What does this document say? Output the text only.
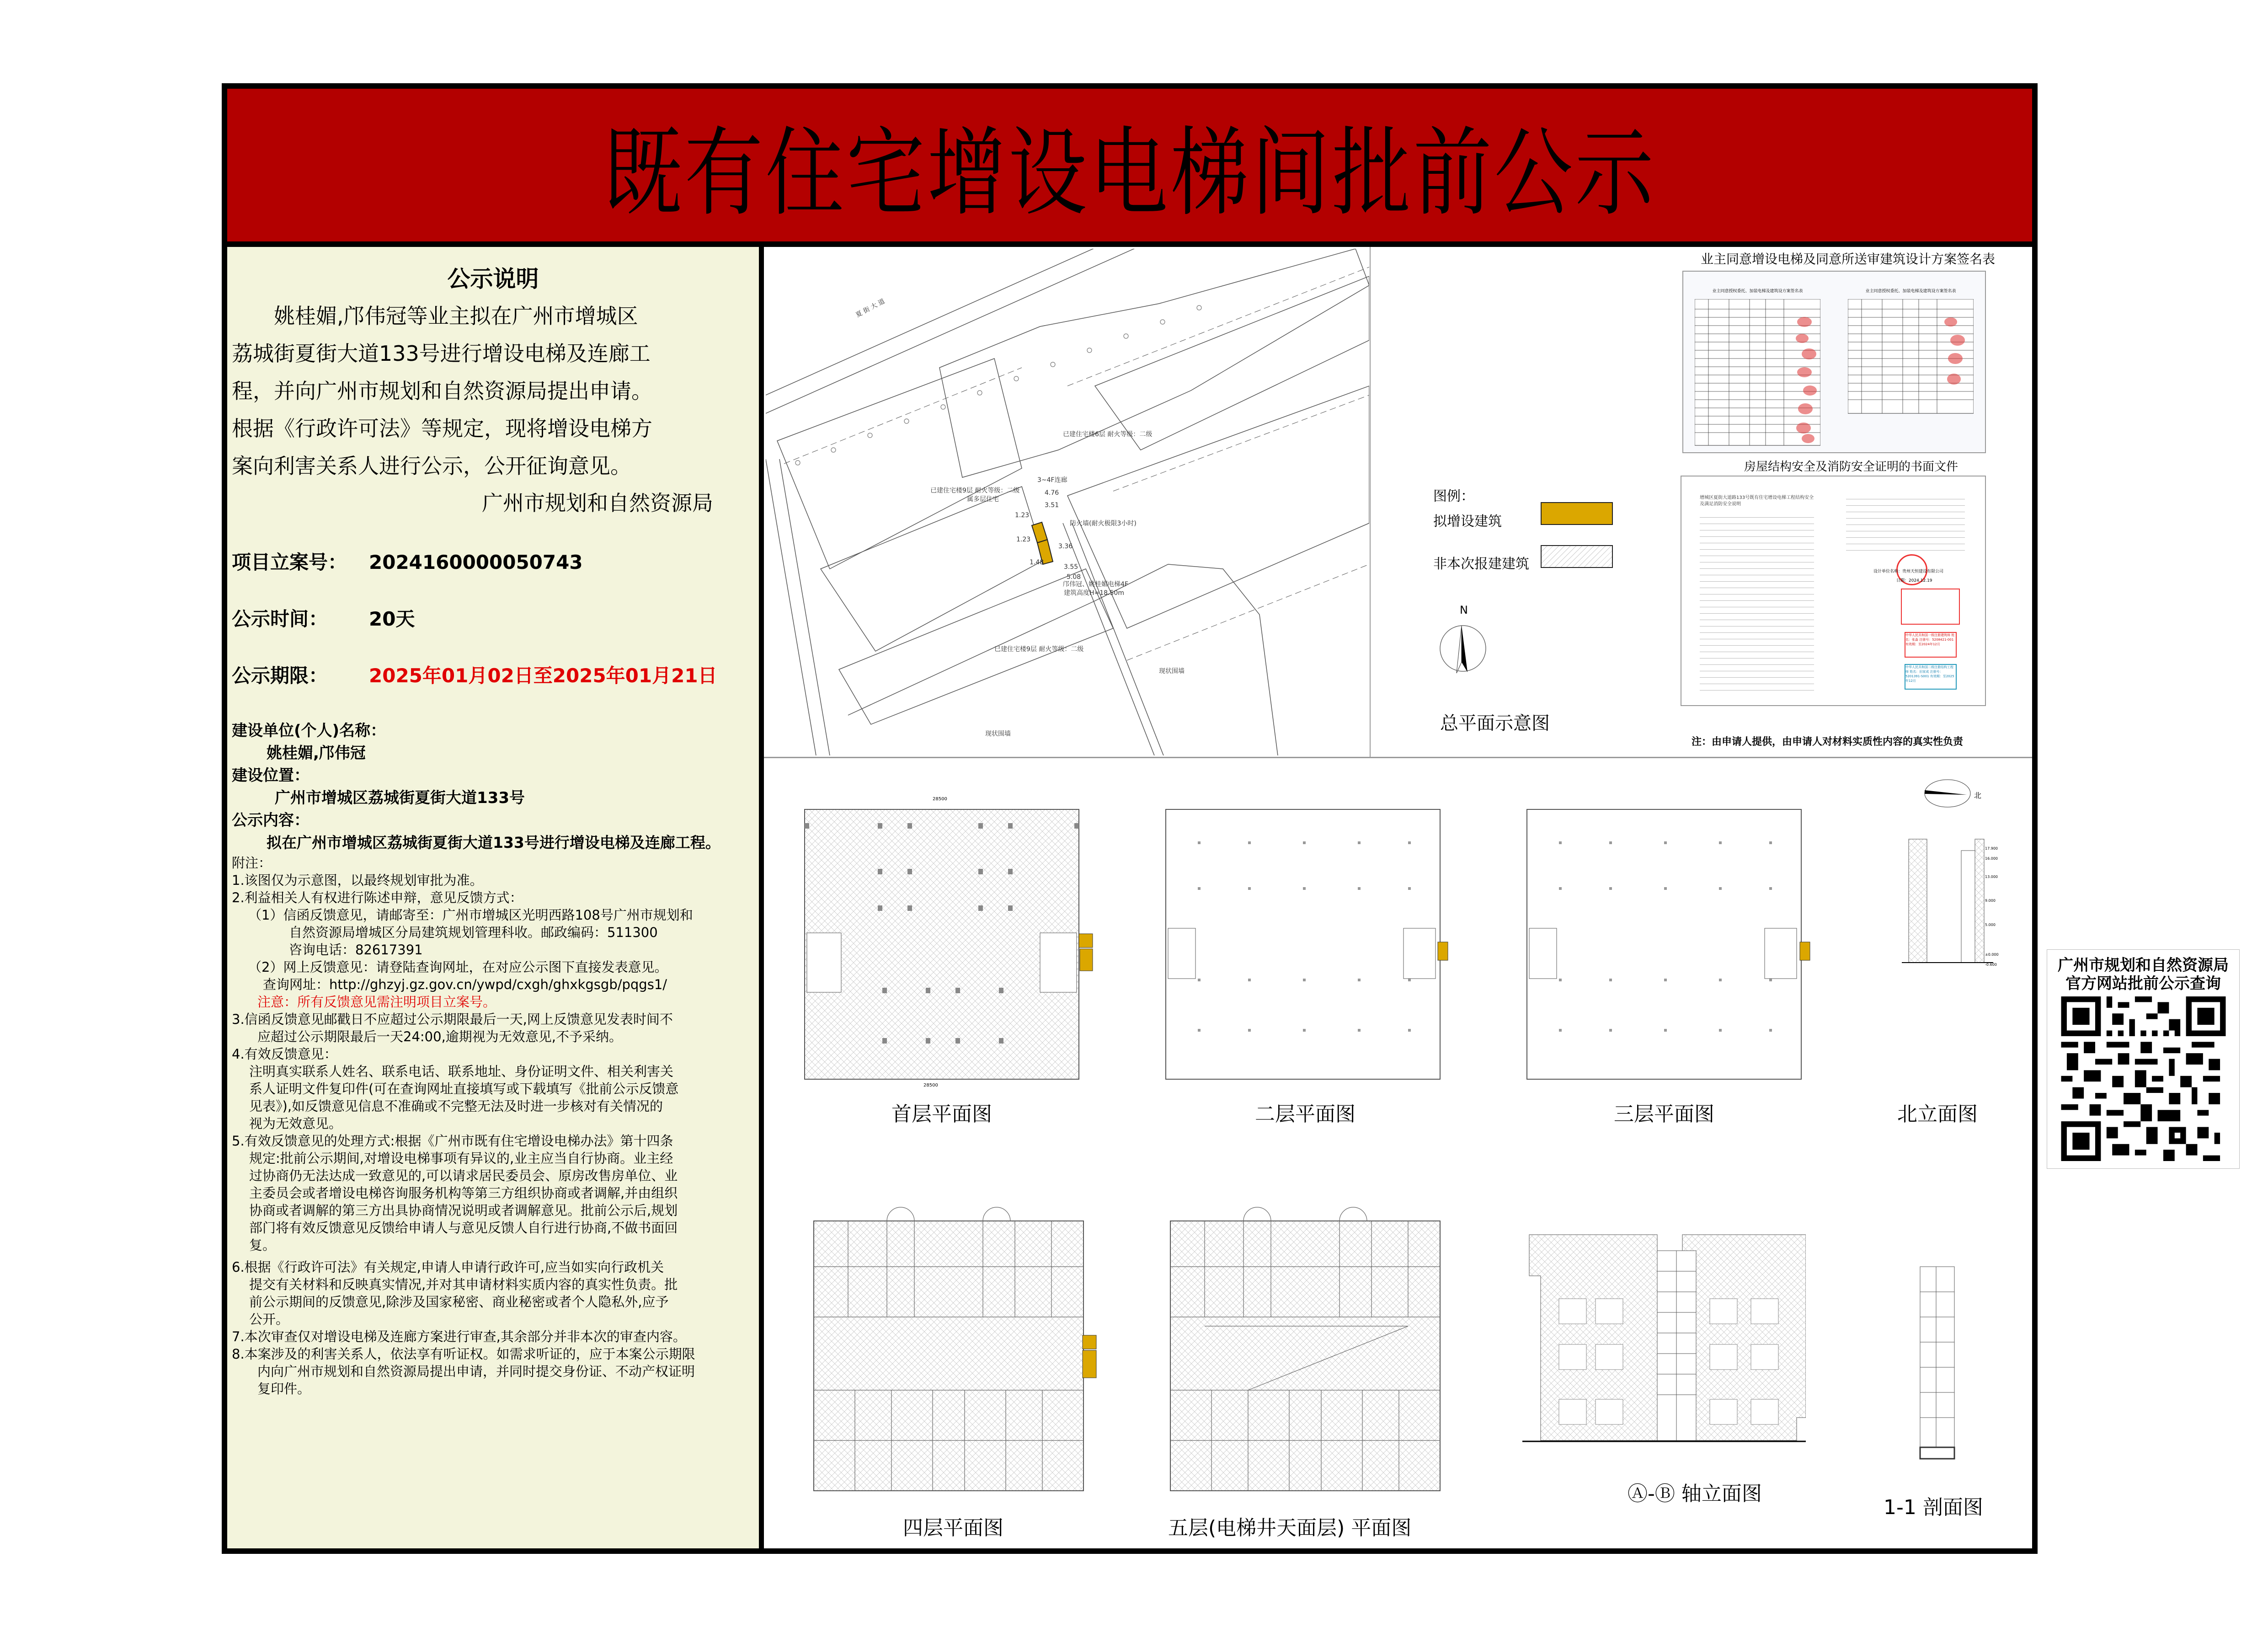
既有住宅增设电梯间批前公示
公示说明

姚桂媚,邝伟冠等业主拟在广州市增城区
荔城街夏街大道133号进行增设电梯及连廊工
程，并向广州市规划和自然资源局提出申请。
根据《行政许可法》等规定，现将增设电梯方
案向利害关系人进行公示，公开征询意见。

广州市规划和自然资源局
项目立案号：	2024160000050743
公示时间：	20天
公示期限：	2025年01月02日至2025年01月21日

建设单位(个人)名称：

姚桂媚,邝伟冠

建设位置：

广州市增城区荔城街夏街大道133号

公示内容：

拟在广州市增城区荔城街夏街大道133号进行增设电梯及连廊工程。

附注：

1.该图仅为示意图，以最终规划审批为准。

2.利益相关人有权进行陈述申辩，意见反馈方式：

（1）信函反馈意见，请邮寄至：广州市增城区光明西路108号广州市规划和

自然资源局增城区分局建筑规划管理科收。邮政编码：511300

咨询电话：82617391

（2）网上反馈意见：请登陆查询网址，在对应公示图下直接发表意见。

查询网址：http://ghzyj.gz.gov.cn/ywpd/cxgh/ghxkgsgb/pqgs1/

注意：所有反馈意见需注明项目立案号。

3.信函反馈意见邮戳日不应超过公示期限最后一天,网上反馈意见发表时间不

应超过公示期限最后一天24:00,逾期视为无效意见,不予采纳。

4.有效反馈意见：

注明真实联系人姓名、联系电话、联系地址、身份证明文件、相关利害关

系人证明文件复印件(可在查询网址直接填写或下载填写《批前公示反馈意

见表》),如反馈意见信息不准确或不完整无法及时进一步核对有关情况的

视为无效意见。

5.有效反馈意见的处理方式:根据《广州市既有住宅增设电梯办法》第十四条

规定:批前公示期间,对增设电梯事项有异议的,业主应当自行协商。业主经

过协商仍无法达成一致意见的,可以请求居民委员会、原房改售房单位、业

主委员会或者增设电梯咨询服务机构等第三方组织协商或者调解,并由组织

协商或者调解的第三方出具协商情况说明或者调解意见。批前公示后,规划

部门将有效反馈意见反馈给申请人与意见反馈人自行进行协商,不做书面回

复。

6.根据《行政许可法》有关规定,申请人申请行政许可,应当如实向行政机关

提交有关材料和反映真实情况,并对其申请材料实质内容的真实性负责。批

前公示期间的反馈意见,除涉及国家秘密、商业秘密或者个人隐私外,应予

公开。

7.本次审查仅对增设电梯及连廊方案进行审查,其余部分并非本次的审查内容。

8.本案涉及的利害关系人，依法享有听证权。如需求听证的，应于本案公示期限

内向广州市规划和自然资源局提出申请，并同时提交身份证、不动产权证明

复印件。

夏 街 大 道
已建住宅楼9层 耐火等级：二级
属多层住宅
已建住宅楼6层 耐火等级：二级
已建住宅楼9层 耐火等级：二级
现状围墙
现状围墙
防火墙(耐火极限3小时)
3~4F连廊
邝伟冠、姚桂媚电梯4F
建筑高度H=18.50m
4.76
3.51
1.23
1.23
1.48
3.36
3.55
5.08
图例：
拟增设建筑
非本次报建建筑
N
总平面示意图
业主同意增设电梯及同意所送审建筑设计方案签名表
业主同意授权委托、加装电梯及建筑设方案签名表	业主同意授权委托、加装电梯及建筑设方案签名表
房屋结构安全及消防安全证明的书面文件
增城区夏街大道路133号既有住宅增设电梯工程结构安全及满足消防安全说明
设计单位名称：贵州天恒建设有限公司
日期：2024.12.19
中华人民共和国一级注册建筑师 姓名：张淼 注册号：5208421-001 有效期：至2024年12月
中华人民共和国二级注册结构工程师 姓名：田家成 注册号：5201391-S001 有效期：至2025年12月
注：由申请人提供，由申请人对材料实质性内容的真实性负责
28500
28500
首层平面图	二层平面图	三层平面图
北
17.900
16.000
13.000
9.000
5.000
±0.000
-0.600
北立面图
广州市规划和自然资源局
官方网站批前公示查询
四层平面图	五层(电梯井天面层) 平面图
Ⓐ-Ⓑ 轴立面图
1-1 剖面图
